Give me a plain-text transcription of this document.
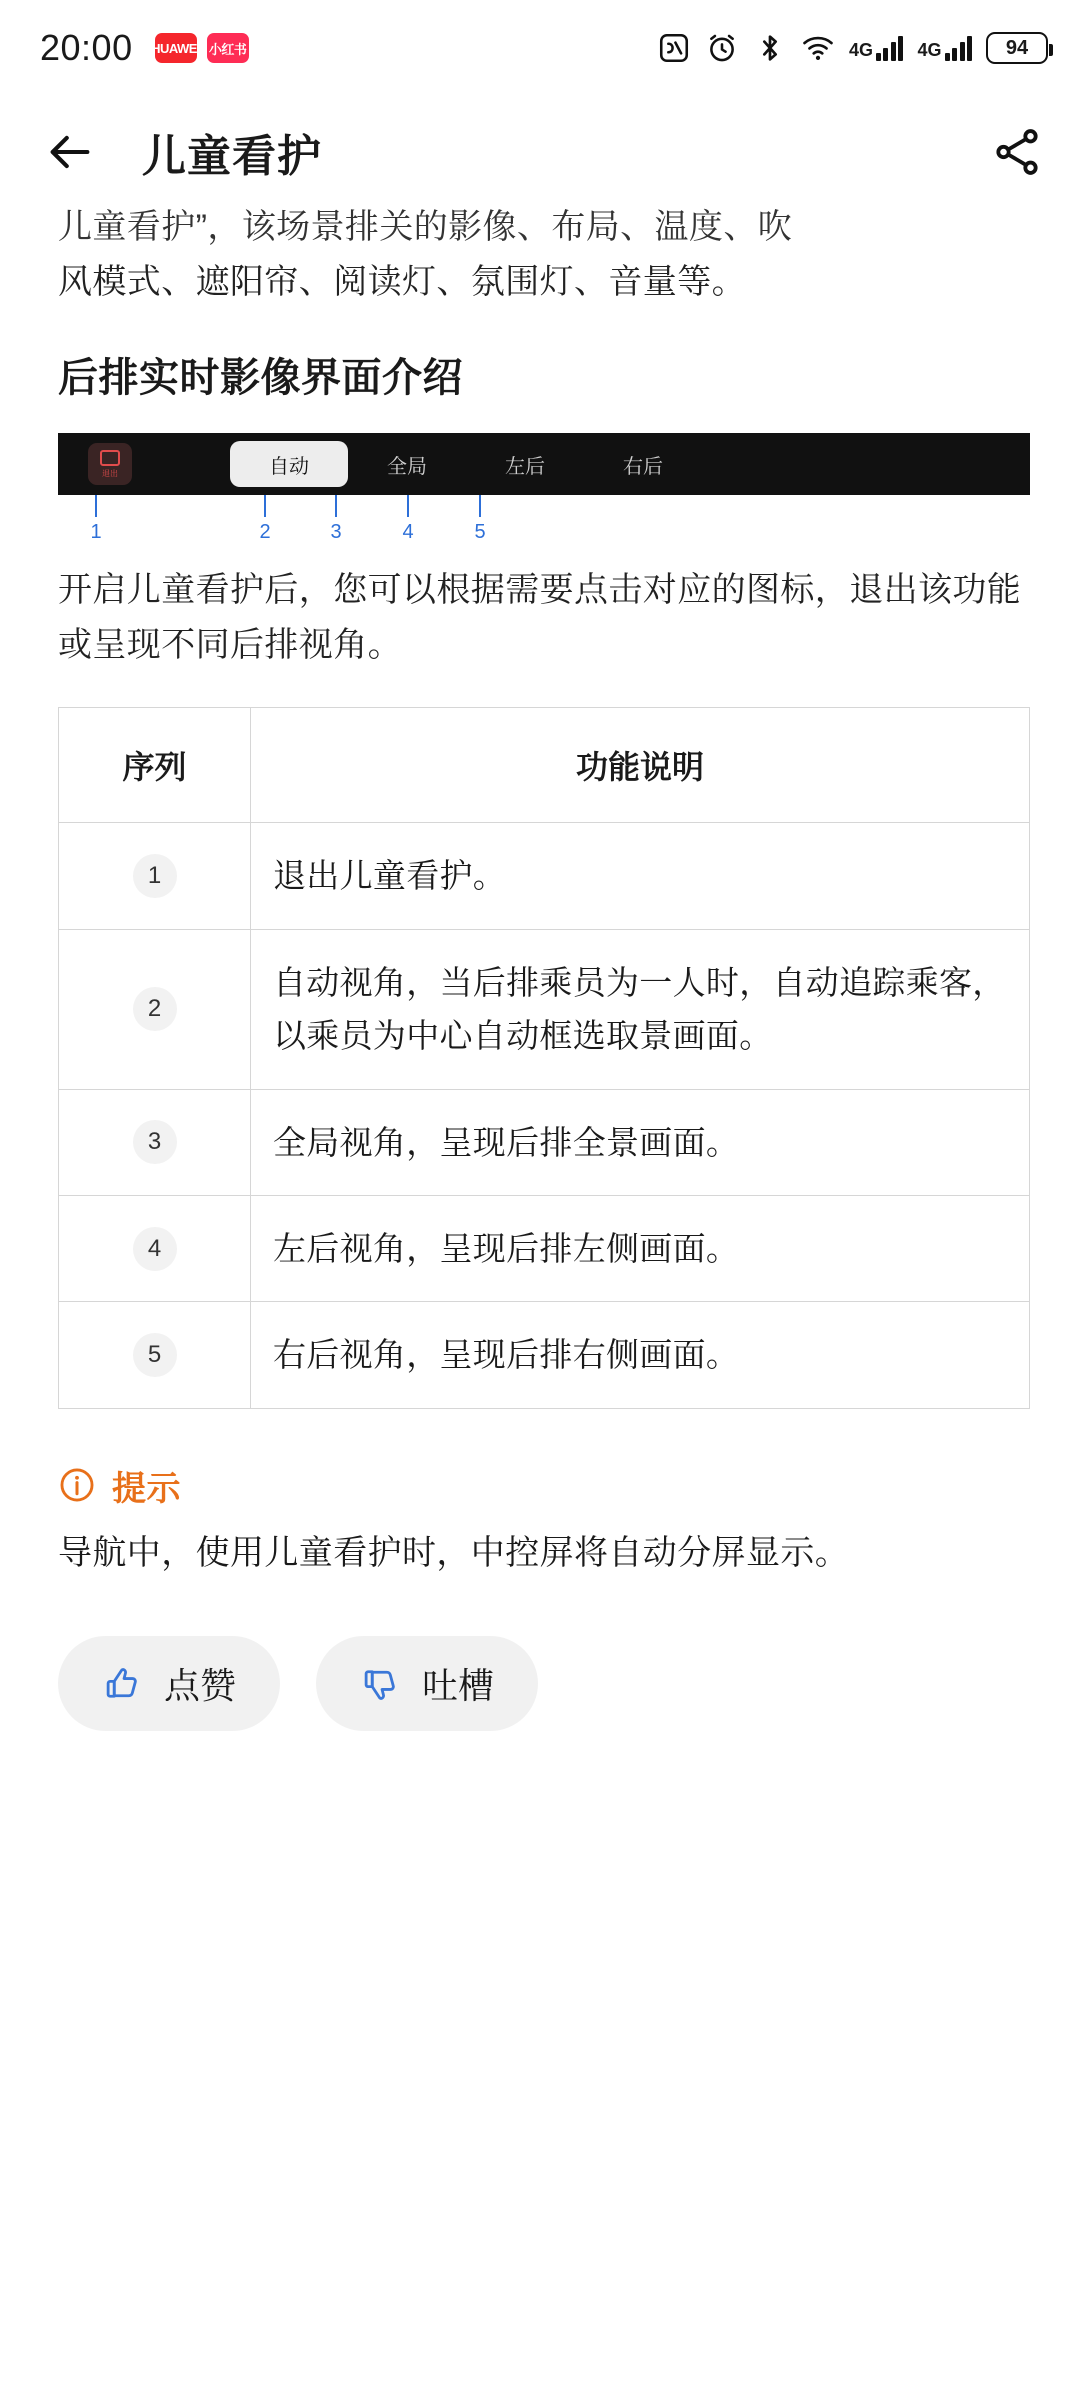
20:00 HUAWEI 小红书	4G 4G	94
儿童看护
儿童看护”，该场景排关的影像、布局、温度、吹
风模式、遮阳帘、阅读灯、氛围灯、音量等。
后排实时影像界面介绍
退出	自动	全局	左后	右后
1	2	3	4	5
开启儿童看护后，您可以根据需要点击对应的图标，退出该功能或呈现不同后排视角。
序列	功能说明
1	退出儿童看护。
2	自动视角，当后排乘员为一人时，自动追踪乘客，以乘员为中心自动框选取景画面。
3	全局视角，呈现后排全景画面。
4	左后视角，呈现后排左侧画面。
5	右后视角，呈现后排右侧画面。
提示
导航中，使用儿童看护时，中控屏将自动分屏显示。
点赞	吐槽
